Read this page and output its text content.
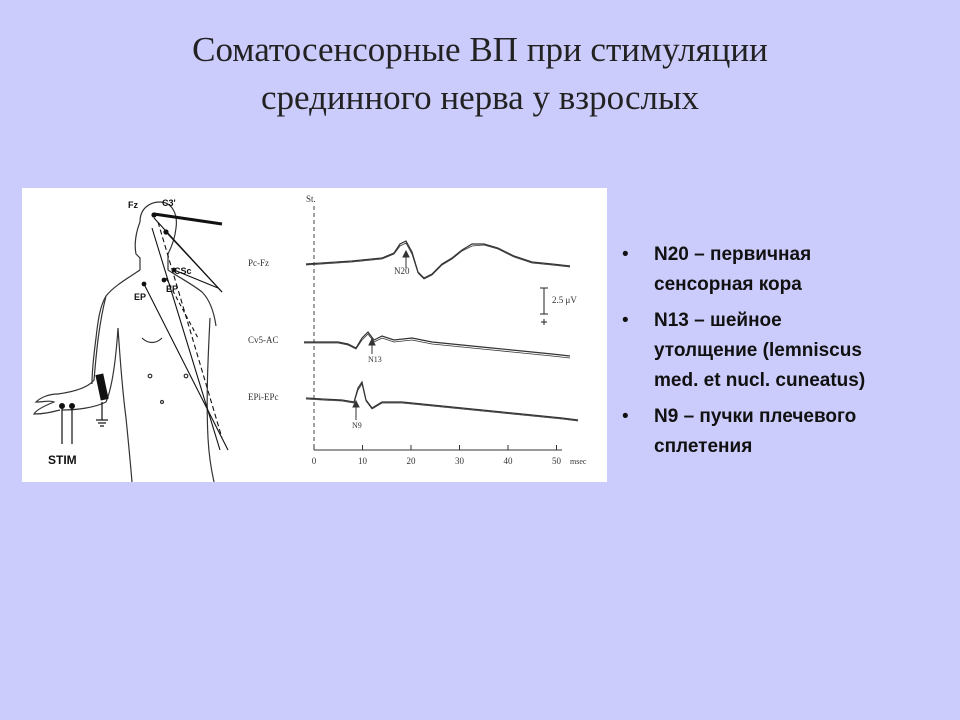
Соматосенсорные ВП при стимуляции
срединного нерва у взрослых
Fz	C3'
CSc
EP
EP
STIM
St.
Pc-Fz
Cv5-AC
EPi-EPc
N20
N13
N9
2.5 μV
msec
0	10	20	30	40	50
• N20 – первичная
сенсорная кора
• N13 – шейное
утолщение (lemniscus
med. et nucl. cuneatus)
• N9 – пучки плечевого
сплетения
